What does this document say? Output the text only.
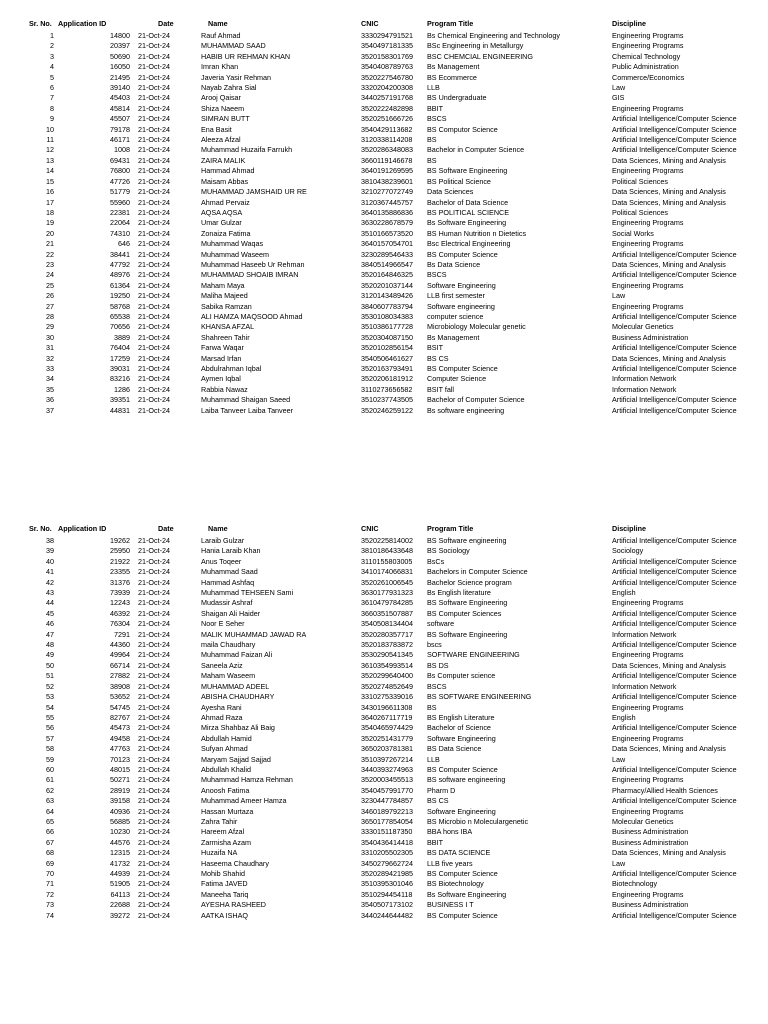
Sr. No.	Application ID	Date	Name	CNIC	Program Title	Discipline
1	14800	21-Oct-24	Rauf Ahmad	3330294791521	Bs Chemical Engineering and Technology	Engineering Programs
2	20397	21-Oct-24	MUHAMMAD SAAD	3540497181335	BSc Engineering in Metallurgy	Engineering Programs
3	50690	21-Oct-24	HABIB UR REHMAN KHAN	3520158301769	BSC CHEMCIAL ENGINEERING	Chemical Technology
4	16050	21-Oct-24	Imran Khan	3540408789763	Bs Management	Public Administration
5	21495	21-Oct-24	Javeria Yasir Rehman	3520227546780	BS Ecommerce	Commerce/Economics
6	39140	21-Oct-24	Nayab Zahra Sial	3320204200308	LLB	Law
7	45403	21-Oct-24	Arooj Qaisar	3440257191768	BS Undergraduate	GIS
8	45814	21-Oct-24	Shiza Naeem	3520222482898	BBIT	Engineering Programs
9	45507	21-Oct-24	SIMRAN BUTT	3520251666726	BSCS	Artificial Intelligence/Computer Science
10	79178	21-Oct-24	Ena Basit	3540429113682	BS Computor Science	Artificial Intelligence/Computer Science
11	46171	21-Oct-24	Aleeza Afzal	3120338114208	BS	Artificial Intelligence/Computer Science
12	1008	21-Oct-24	Muhammad Huzaifa Farrukh	3520286348083	Bachelor in Computer Science	Artificial Intelligence/Computer Science
13	69431	21-Oct-24	ZAIRA MALIK	3660119146678	BS	Data Sciences, Mining and Analysis
14	76800	21-Oct-24	Hammad Ahmad	3640191269595	BS Software Engineering	Engineering Programs
15	47726	21-Oct-24	Maisam Abbas	3810438239601	BS Political Science	Political Sciences
16	51779	21-Oct-24	MUHAMMAD JAMSHAID UR RE	3210277072749	Data Sciences	Data Sciences, Mining and Analysis
17	55960	21-Oct-24	Ahmad Pervaiz	3120367445757	Bachelor of Data Science	Data Sciences, Mining and Analysis
18	22381	21-Oct-24	AQSA AQSA	3640135886836	BS POLITICAL SCIENCE	Political Sciences
19	22064	21-Oct-24	Umar Gulzar	3630228678579	Bs Software Engineering	Engineering Programs
20	74310	21-Oct-24	Zonaiza Fatima	3510166573520	BS Human Nutrition n Dietetics	Social Works
21	646	21-Oct-24	Muhammad Waqas	3640157054701	Bsc Electrical Engineering	Engineering Programs
22	38441	21-Oct-24	Muhammad Waseem	3230289546433	BS Computer Science	Artificial Intelligence/Computer Science
23	47792	21-Oct-24	Muhammad Haseeb Ur Rehman	3840514966547	Bs Data Science	Data Sciences, Mining and Analysis
24	48976	21-Oct-24	MUHAMMAD SHOAIB IMRAN	3520164846325	BSCS	Artificial Intelligence/Computer Science
25	61364	21-Oct-24	Maham Maya	3520201037144	Software Engineering	Engineering Programs
26	19250	21-Oct-24	Maliha Majeed	3120143489426	LLB first semester	Law
27	58768	21-Oct-24	Sabika Ramzan	3840607783794	Software engineering	Engineering Programs
28	65538	21-Oct-24	ALI HAMZA MAQSOOD Ahmad	3530108034383	computer science	Artificial Intelligence/Computer Science
29	70656	21-Oct-24	KHANSA AFZAL	3510386177728	Microbiology Molecular genetic	Molecular Genetics
30	3889	21-Oct-24	Shahreen Tahir	3520304087150	Bs Management	Business Administration
31	76404	21-Oct-24	Farwa Waqar	3520102856154	BSIT	Artificial Intelligence/Computer Science
32	17259	21-Oct-24	Marsad Irfan	3540506461627	BS CS	Data Sciences, Mining and Analysis
33	39031	21-Oct-24	Abdulrahman Iqbal	3520163793491	BS Computer Science	Artificial Intelligence/Computer Science
34	83216	21-Oct-24	Aymen Iqbal	3520206181912	Computer Science	Information Network
35	1286	21-Oct-24	Rabbia Nawaz	3110273656582	BSIT fall	Information Network
36	39351	21-Oct-24	Muhammad Shaigan Saeed	3510237743505	Bachelor of Computer Science	Artificial Intelligence/Computer Science
37	44831	21-Oct-24	Laiba Tanveer Laiba Tanveer	3520246259122	Bs software engineering	Artificial Intelligence/Computer Science
Sr. No.	Application ID	Date	Name	CNIC	Program Title	Discipline
38	19262	21-Oct-24	Laraib Gulzar	3520225814002	BS Software engineering	Artificial Intelligence/Computer Science
39	25950	21-Oct-24	Hania Laraib Khan	3810186433648	BS Sociology	Sociology
40	21922	21-Oct-24	Anus Toqeer	3110155803005	BsCs	Artificial Intelligence/Computer Science
41	23355	21-Oct-24	Muhammad Saad	3410174066831	Bachelors in Computer Science	Artificial Intelligence/Computer Science
42	31376	21-Oct-24	Hammad Ashfaq	3520261006545	Bachelor Science program	Artificial Intelligence/Computer Science
43	73939	21-Oct-24	Muhammad TEHSEEN Sami	3630177931323	Bs English literature	English
44	12243	21-Oct-24	Mudassir Ashraf	3610479784285	BS Software Engineering	Engineering Programs
45	46392	21-Oct-24	Shaigan Ali Haider	3660351507887	BS Computer Sciences	Artificial Intelligence/Computer Science
46	76304	21-Oct-24	Noor E Seher	3540508134404	software	Artificial Intelligence/Computer Science
47	7291	21-Oct-24	MALIK MUHAMMAD JAWAD RA	3520280357717	BS Software Engineering	Information Network
48	44360	21-Oct-24	maila Chaudhary	3520183783872	bscs	Artificial Intelligence/Computer Science
49	49964	21-Oct-24	Muhammad Faizan Ali	3530290541345	SOFTWARE ENGINEERING	Engineering Programs
50	66714	21-Oct-24	Saneela Aziz	3610354993514	BS DS	Data Sciences, Mining and Analysis
51	27882	21-Oct-24	Maham Waseem	3520299640400	Bs Computer science	Artificial Intelligence/Computer Science
52	38908	21-Oct-24	MUHAMMAD ADEEL	3520274852649	BSCS	Information Network
53	53652	21-Oct-24	ABISHA CHAUDHARY	3310275339016	BS SOFTWARE ENGINEERING	Artificial Intelligence/Computer Science
54	54745	21-Oct-24	Ayesha Rani	3430196611308	BS	Engineering Programs
55	82767	21-Oct-24	Ahmad Raza	3640267117719	BS English Literature	English
56	45473	21-Oct-24	Mirza Shahbaz Ali Baig	3540465974429	Bachelor of Science	Artificial Intelligence/Computer Science
57	49458	21-Oct-24	Abdullah Hamid	3520251431779	Software Engineering	Engineering Programs
58	47763	21-Oct-24	Sufyan Ahmad	3650203781381	BS Data Science	Data Sciences, Mining and Analysis
59	70123	21-Oct-24	Maryam Sajjad Sajjad	3510397267214	LLB	Law
60	48015	21-Oct-24	Abdullah Khalid	3440393274963	BS Computer Science	Artificial Intelligence/Computer Science
61	50271	21-Oct-24	Muhammad Hamza Rehman	3520003455513	BS software engineering	Engineering Programs
62	28919	21-Oct-24	Anoosh Fatima	3540457991770	Pharm D	Pharmacy/Allied Health Sciences
63	39158	21-Oct-24	Muhammad Ameer Hamza	3230447784857	BS CS	Artificial Intelligence/Computer Science
64	40936	21-Oct-24	Hassan Murtaza	3460189792213	Software Engineering	Engineering Programs
65	56885	21-Oct-24	Zahra Tahir	3650177854054	BS Microbio n Moleculargenetic	Molecular Genetics
66	10230	21-Oct-24	Hareem Afzal	3330151187350	BBA hons IBA	Business Administration
67	44576	21-Oct-24	Zarmisha Azam	3540436414418	BBIT	Business Administration
68	12315	21-Oct-24	Huzaifa NA	3310205502305	BS DATA SCIENCE	Data Sciences, Mining and Analysis
69	41732	21-Oct-24	Haseema Chaudhary	3450279662724	LLB five years	Law
70	44939	21-Oct-24	Mohib Shahid	3520289421985	BS Computer Science	Artificial Intelligence/Computer Science
71	51905	21-Oct-24	Fatima JAVED	3510395301046	BS Biotechnology	Biotechnology
72	64113	21-Oct-24	Maneeha Tariq	3510294454118	Bs Software Engineering	Engineering Programs
73	22688	21-Oct-24	AYESHA RASHEED	3540507173102	BUSINESS I T	Business Administration
74	39272	21-Oct-24	AATKA ISHAQ	3440244644482	BS Computer Science	Artificial Intelligence/Computer Science
